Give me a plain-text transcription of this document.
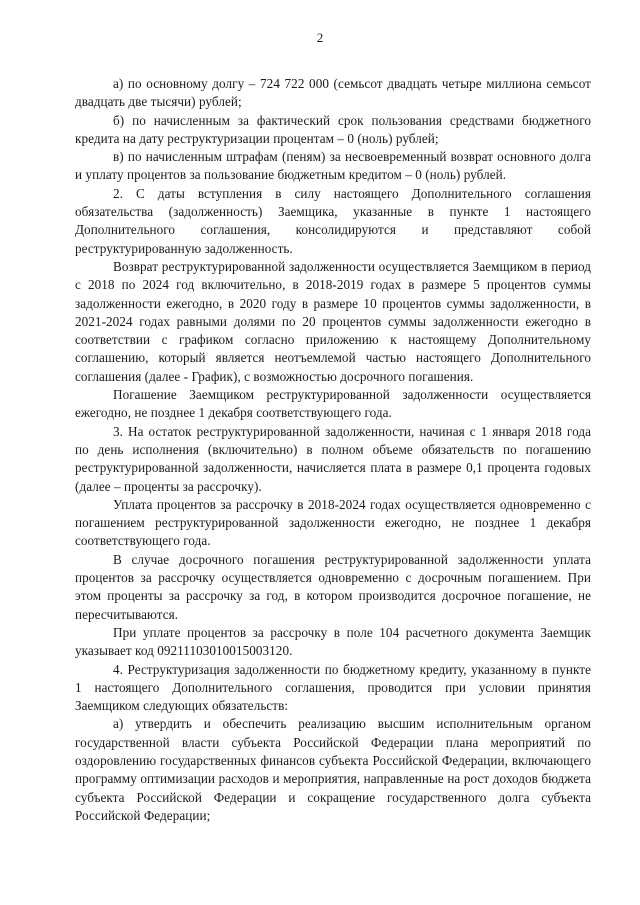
2

а) по основному долгу – 724 722 000 (семьсот двадцать четыре миллиона семьсот двадцать две тысячи) рублей;

б) по начисленным за фактический срок пользования средствами бюджетного кредита на дату реструктуризации процентам – 0 (ноль) рублей;

в) по начисленным штрафам (пеням) за несвоевременный возврат основного долга и уплату процентов за пользование бюджетным кредитом – 0 (ноль) рублей.

2. С даты вступления в силу настоящего Дополнительного соглашения обязательства (задолженность) Заемщика, указанные в пункте 1 настоящего Дополнительного соглашения, консолидируются и представляют собой реструктурированную задолженность.

Возврат реструктурированной задолженности осуществляется Заемщиком в период с 2018 по 2024 год включительно, в 2018-2019 годах в размере 5 процентов суммы задолженности ежегодно, в 2020 году в размере 10 процентов суммы задолженности, в 2021-2024 годах равными долями по 20 процентов суммы задолженности ежегодно в соответствии с графиком согласно приложению к настоящему Дополнительному соглашению, который является неотъемлемой частью настоящего Дополнительного соглашения (далее - График), с возможностью досрочного погашения.

Погашение Заемщиком реструктурированной задолженности осуществляется ежегодно, не позднее 1 декабря соответствующего года.

3. На остаток реструктурированной задолженности, начиная с 1 января 2018 года по день исполнения (включительно) в полном объеме обязательств по погашению реструктурированной задолженности, начисляется плата в размере 0,1 процента годовых (далее – проценты за рассрочку).

Уплата процентов за рассрочку в 2018-2024 годах осуществляется одновременно с погашением реструктурированной задолженности ежегодно, не позднее 1 декабря соответствующего года.

В случае досрочного погашения реструктурированной задолженности уплата процентов за рассрочку осуществляется одновременно с досрочным погашением. При этом проценты за рассрочку за год, в котором производится досрочное погашение, не пересчитываются.

При уплате процентов за рассрочку в поле 104 расчетного документа Заемщик указывает код 09211103010015003120.

4. Реструктуризация задолженности по бюджетному кредиту, указанному в пункте 1 настоящего Дополнительного соглашения, проводится при условии принятия Заемщиком следующих обязательств:

а) утвердить и обеспечить реализацию высшим исполнительным органом государственной власти субъекта Российской Федерации плана мероприятий по оздоровлению государственных финансов субъекта Российской Федерации, включающего программу оптимизации расходов и мероприятия, направленные на рост доходов бюджета субъекта Российской Федерации и сокращение государственного долга субъекта Российской Федерации;
